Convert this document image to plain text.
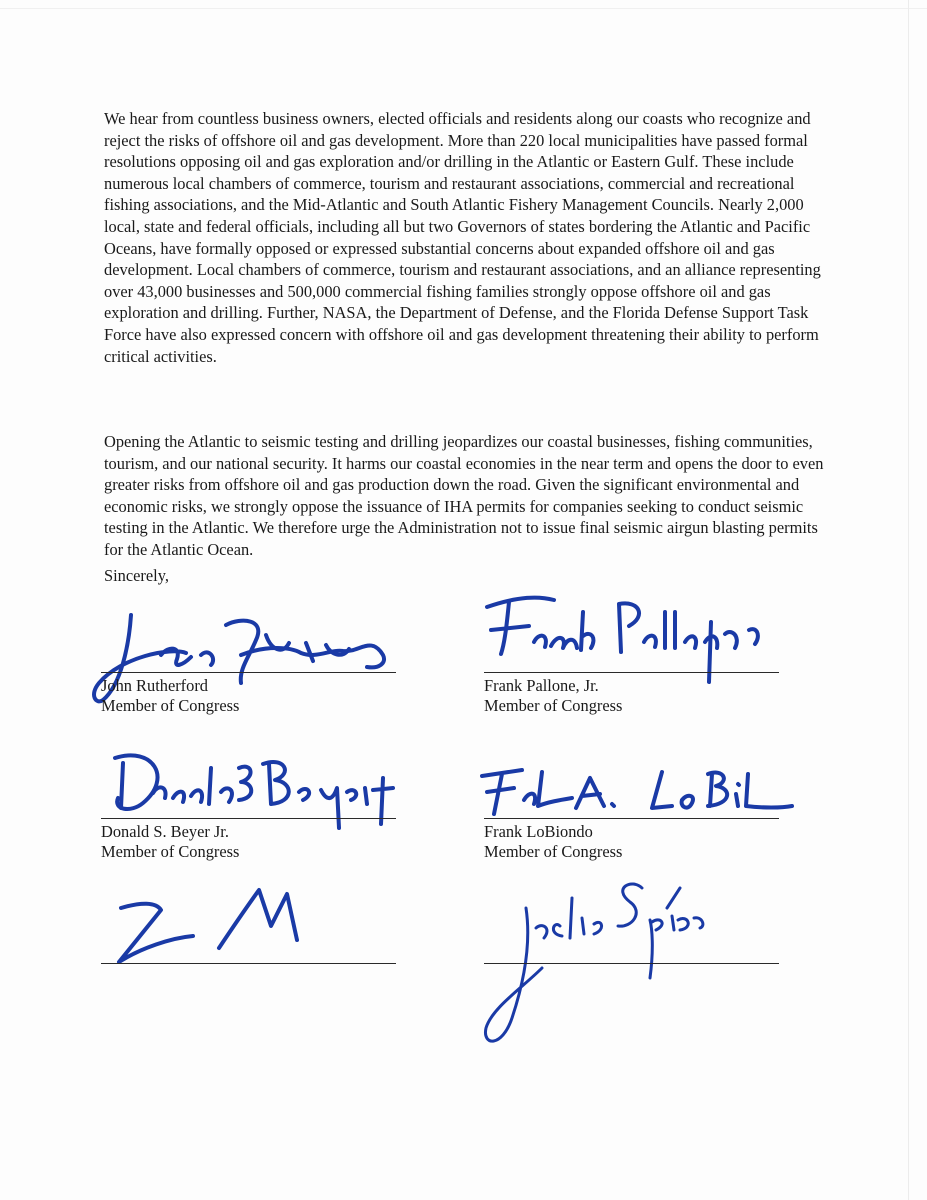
We hear from countless business owners, elected officials and residents along our coasts who recognize and reject the risks of offshore oil and gas development. More than 220 local municipalities have passed formal resolutions opposing oil and gas exploration and/or drilling in the Atlantic or Eastern Gulf. These include numerous local chambers of commerce, tourism and restaurant associations, commercial and recreational fishing associations, and the Mid-Atlantic and South Atlantic Fishery Management Councils. Nearly 2,000 local, state and federal officials, including all but two Governors of states bordering the Atlantic and Pacific Oceans, have formally opposed or expressed substantial concerns about expanded offshore oil and gas development. Local chambers of commerce, tourism and restaurant associations, and an alliance representing over 43,000 businesses and 500,000 commercial fishing families strongly oppose offshore oil and gas exploration and drilling. Further, NASA, the Department of Defense, and the Florida Defense Support Task Force have also expressed concern with offshore oil and gas development threatening their ability to perform critical activities.

Opening the Atlantic to seismic testing and drilling jeopardizes our coastal businesses, fishing communities, tourism, and our national security. It harms our coastal economies in the near term and opens the door to even greater risks from offshore oil and gas production down the road. Given the significant environmental and economic risks, we strongly oppose the issuance of IHA permits for companies seeking to conduct seismic testing in the Atlantic. We therefore urge the Administration not to issue final seismic airgun blasting permits for the Atlantic Ocean.

Sincerely,

John Rutherford

Member of Congress

Frank Pallone, Jr.

Member of Congress

Donald S. Beyer Jr.

Member of Congress

Frank LoBiondo

Member of Congress
